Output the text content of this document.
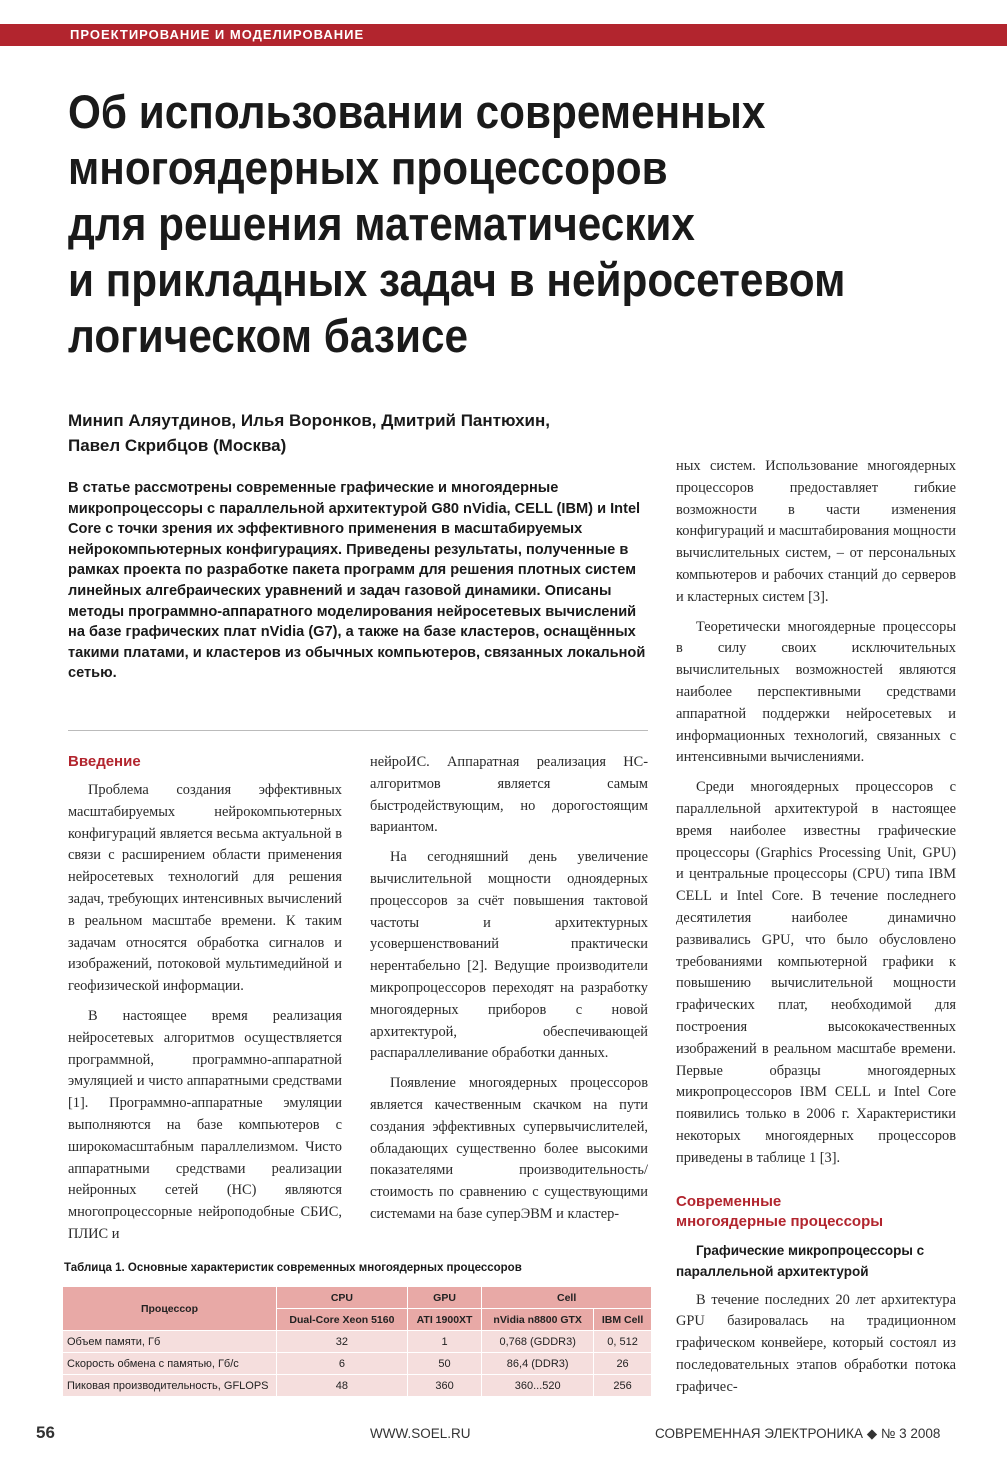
ПРОЕКТИРОВАНИЕ И МОДЕЛИРОВАНИЕ
Об использовании современных
многоядерных процессоров
для решения математических
и прикладных задач в нейросетевом
логическом базисе
Минип Аляутдинов, Илья Воронков, Дмитрий Пантюхин,
Павел Скрибцов (Москва)
В статье рассмотрены современные графические и многоядерные микропроцессоры с параллельной архитектурой G80 nVidia, CELL (IBM) и Intel Core с точки зрения их эффективного применения в масштабируемых нейрокомпьютерных конфигурациях. Приведены результаты, полученные в рамках проекта по разработке пакета программ для решения плотных систем линейных алгебраических уравнений и задач газовой динамики. Описаны методы программно-аппаратного моделирования нейросетевых вычислений на базе графических плат nVidia (G7), а также на базе кластеров, оснащённых такими платами, и кластеров из обычных компьютеров, связанных локальной сетью.

Введение

Проблема создания эффективных масштабируемых нейрокомпьютерных конфигураций является весьма актуальной в связи с расширением области применения нейросетевых технологий для решения задач, требующих интенсивных вычислений в реальном масштабе времени. К таким задачам относятся обработка сигналов и изображений, потоковой мультимедийной и геофизической информации.

В настоящее время реализация нейросетевых алгоритмов осуществляется программной, программно-аппаратной эмуляцией и чисто аппаратными средствами [1]. Программно-аппаратные эмуляции выполняются на базе компьютеров с широкомасштабным параллелизмом. Чисто аппаратными средствами реализации нейронных сетей (НС) являются многопроцессорные нейроподобные СБИС, ПЛИС и

нейроИС. Аппаратная реализация НС-алгоритмов является самым быстродействующим, но дорогостоящим вариантом.

На сегодняшний день увеличение вычислительной мощности одноядерных процессоров за счёт повышения тактовой частоты и архитектурных усовершенствований практически нерентабельно [2]. Ведущие производители микропроцессоров переходят на разработку многоядерных приборов с новой архитектурой, обеспечивающей распараллеливание обработки данных.

Появление многоядерных процессоров является качественным скачком на пути создания эффективных супервычислителей, обладающих существенно более высокими показателями производительность/стоимость по сравнению с существующими системами на базе суперЭВМ и кластер-

ных систем. Использование многоядерных процессоров предоставляет гибкие возможности в части изменения конфигураций и масштабирования мощности вычислительных систем, – от персональных компьютеров и рабочих станций до серверов и кластерных систем [3].

Теоретически многоядерные процессоры в силу своих исключительных вычислительных возможностей являются наиболее перспективными средствами аппаратной поддержки нейросетевых и информационных технологий, связанных с интенсивными вычислениями.

Среди многоядерных процессоров с параллельной архитектурой в настоящее время наиболее известны графические процессоры (Graphics Processing Unit, GPU) и центральные процессоры (CPU) типа IBM CELL и Intel Core. В течение последнего десятилетия наиболее динамично развивались GPU, что было обусловлено требованиями компьютерной графики к повышению вычислительной мощности графических плат, необходимой для построения высококачественных изображений в реальном масштабе времени. Первые образцы многоядерных микропроцессоров IBM CELL и Intel Core появились только в 2006 г. Характеристики некоторых многоядерных процессоров приведены в таблице 1 [3].

Современные

многоядерные процессоры

Графические микропроцессоры с параллельной архитектурой

В течение последних 20 лет архитектура GPU базировалась на традиционном графическом конвейере, который состоял из последовательных этапов обработки потока графичес-

Таблица 1. Основные характеристик современных многоядерных процессоров
Процессор	CPU	GPU	Cell	
	Dual-Core Xeon 5160	ATI 1900XT	nVidia n8800 GTX	IBM Cell
Объем памяти, Гб	32	1	0,768 (GDDR3)	0, 512
Скорость обмена с памятью, Гб/с	6	50	86,4 (DDR3)	26
Пиковая производительность, GFLOPS	48	360	360...520	256
56	WWW.SOEL.RU	СОВРЕМЕННАЯ ЭЛЕКТРОНИКА ◆ № 3 2008
